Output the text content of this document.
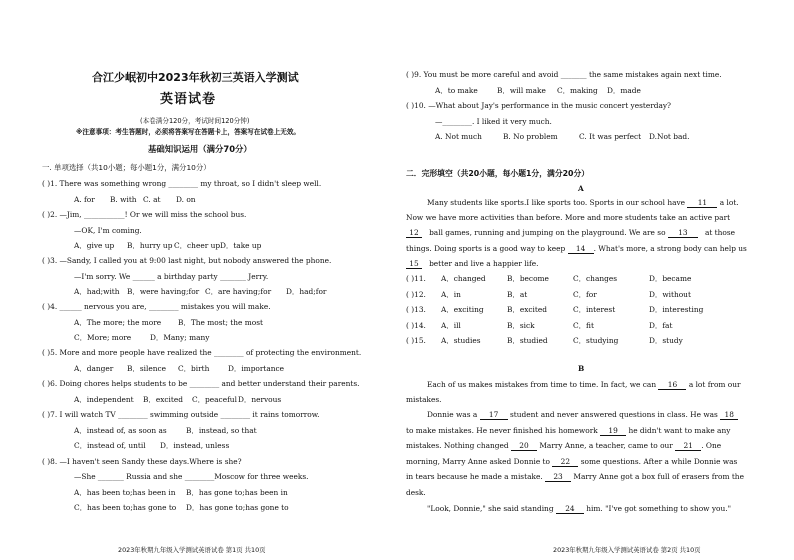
合江少岷初中2023年秋初三英语入学测试
英语试卷
(本卷满分120分，考试时间120分钟)
※注意事项：考生答题时，必须将答案写在答题卡上，答案写在试卷上无效。
基础知识运用（满分70分）
一. 单项选择（共10小题；每小题1分，满分10分）
( )1. There was something wrong ________ my throat, so I didn't sleep well.
A. for B. with C. at D. on
( )2. —Jim, ___________! Or we will miss the school bus.
—OK, I'm coming.
A．give up B．hurry up C．cheer up D．take up
( )3. —Sandy, I called you at 9:00 last night, but nobody answered the phone.
—I'm sorry. We ______ a birthday party _______ Jerry.
A．had;with B．were having;for C．are having;for D．had;for
( )4. ______ nervous you are, ________ mistakes you will make.
A．The more; the more B．The most; the most
C．More; more	D．Many; many
( )5. More and more people have realized the ________ of protecting the environment.
A．danger B．silence C．birth	D．importance
( )6. Doing chores helps students to be ________ and better understand their parents.
A．independent B．excited C．peaceful D．nervous
( )7. I will watch TV ________ swimming outside ________ it rains tomorrow.
A．instead of, as soon as	B．instead, so that
C．instead of, until D．instead, unless
( )8. —I haven't seen Sandy these days.Where is she?
—She _______ Russia and she ________Moscow for three weeks.
A．has been to;has been in B．has gone to;has been in
C．has been to;has gone to D．has gone to;has gone to
2023年秋期九年级入学测试英语试卷 第1页 共10页
( )9. You must be more careful and avoid _______ the same mistakes again next time.
A．to make	B．will make C．making D．made
( )10. —What about Jay's performance in the music concert yesterday?
—________. I liked it very much.
A. Not much	B. No problem	C. It was perfect D.Not bad.
二．完形填空（共20小题，每小题1分，满分20分）
A
Many students like sports.I like sports too. Sports in our school have 11 a lot.
Now we have more activities than before. More and more students take an active part
12 ball games, running and jumping on the playground. We are so 13 at those
things. Doing sports is a good way to keep 14 . What's more, a strong body can help us
15 better and live a happier life.
( )11. A．changed	B．become	C．changes	D．became
( )12. A．in	B．at	C．for	D．without
( )13. A．exciting	B．excited	C．interest	D．interesting
( )14. A．ill	B．sick	C．fit	D．fat
( )15. A．studies	B．studied	C．studying	D．study
B
Each of us makes mistakes from time to time. In fact, we can 16 a lot from our
mistakes.
Donnie was a 17 student and never answered questions in class. He was 18
to make mistakes. He never finished his homework 19 he didn't want to make any
mistakes. Nothing changed 20 Marry Anne, a teacher, came to our 21 . One
morning, Marry Anne asked Donnie to 22 some questions. After a while Donnie was
in tears because he made a mistake. 23 Marry Anne got a box full of erasers from the
desk.
"Look, Donnie," she said standing 24 him. "I've got something to show you."
2023年秋期九年级入学测试英语试卷 第2页 共10页
